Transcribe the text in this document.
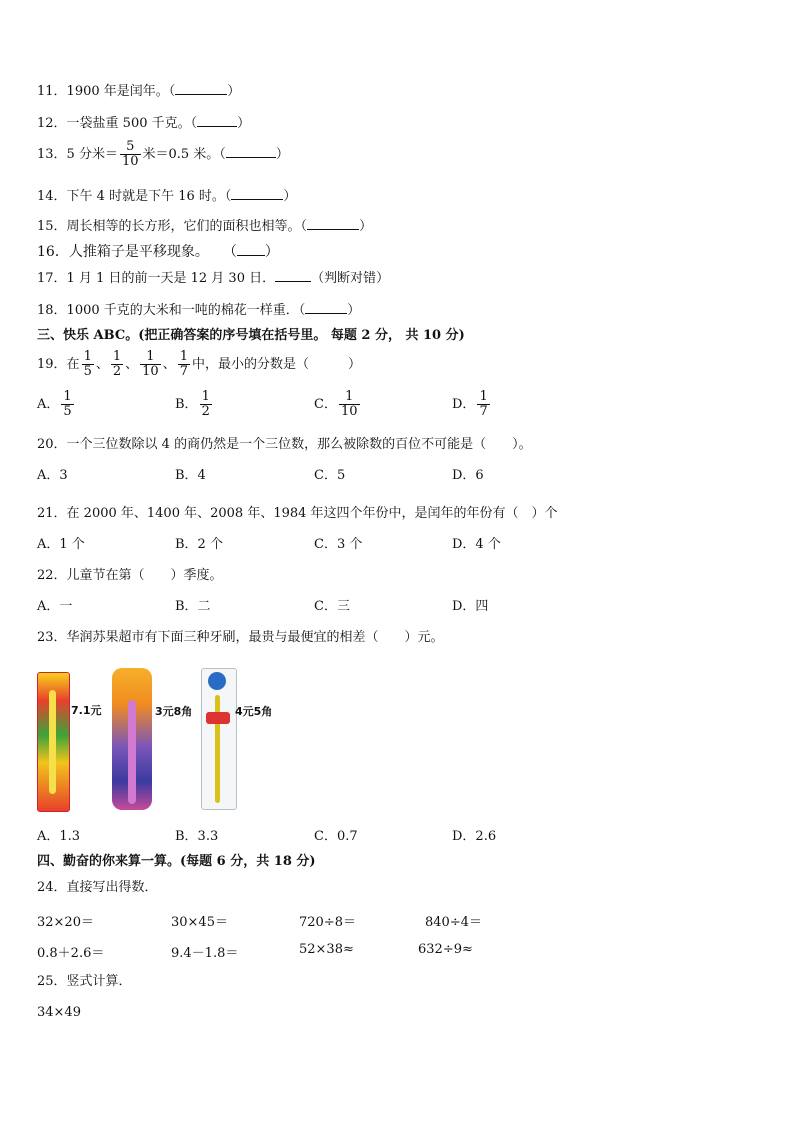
11．1900 年是闰年。（	）
12．一袋盐重 500 千克。（	）
13．5 分米＝ $\frac{5}{10}$ 米＝0.5 米。（	）
14．下午 4 时就是下午 16 时。（	）
15．周长相等的长方形，它们的面积也相等。（	）
16．人推箱子是平移现象。　　（ ）
17．1 月 1 日的前一天是 12 月 30 日．	（判断对错）
18．1000 千克的大米和一吨的棉花一样重．（	）
三、快乐 ABC。(把正确答案的序号填在括号里。 每题 2 分， 共 10 分)
19．在 $\frac{1}{5}$ 、 $\frac{1}{2}$ 、 $\frac{1}{10}$ 、 $\frac{1}{7}$ 中，最小的分数是（　　　）
A． $\frac{1}{5}$	B． $\frac{1}{2}$	C． $\frac{1}{10}$	D． $\frac{1}{7}$
20．一个三位数除以 4 的商仍然是一个三位数，那么被除数的百位不可能是（　　）。
A．3	B．4	C．5	D．6
21．在 2000 年、1400 年、2008 年、1984 年这四个年份中，是闰年的年份有（　）个
A．1 个	B．2 个	C．3 个	D．4 个
22．儿童节在第（　　）季度。
A．一	B．二	C．三	D．四
23．华润苏果超市有下面三种牙刷，最贵与最便宜的相差（　　）元。
7.1元	3元8角	4元5角
A．1.3	B．3.3	C．0.7	D．2.6
四、勤奋的你来算一算。(每题 6 分，共 18 分)
24．直接写出得数．
32×20＝	30×45＝	720÷8＝	840÷4＝
0.8＋2.6＝	9.4－1.8＝	52×38≈	632÷9≈
25．竖式计算．
34×49
